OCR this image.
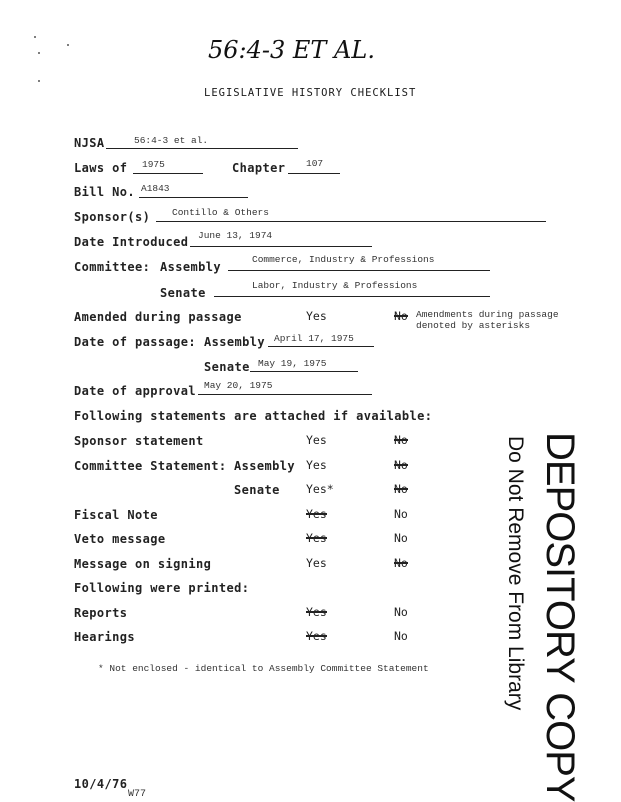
56:4-3 ET AL.
LEGISLATIVE HISTORY CHECKLIST
NJSA	56:4-3 et al.
Laws of 1975	Chapter 107
Bill No. A1843
Sponsor(s) Contillo & Others
Date Introduced June 13, 1974
Committee: Assembly
Commerce, Industry & Professions
Senate
Labor, Industry & Professions
Amended during passage	Yes	No Amendments during passage
denoted by asterisks
Date of passage: Assembly April 17, 1975
Senate May 19, 1975
Date of approval May 20, 1975
Following statements are attached if available:
Sponsor statement	Yes	No
Committee Statement: Assembly Yes	No
Senate Yes*	No
Fiscal Note	Yes	No
Veto message	Yes	No
Message on signing	Yes	No
Following were printed:
Reports	Yes	No
Hearings	Yes	No
* Not enclosed - identical to Assembly Committee Statement	DEPOSITORY COPY
Do Not Remove From Library
10/4/76
W77
